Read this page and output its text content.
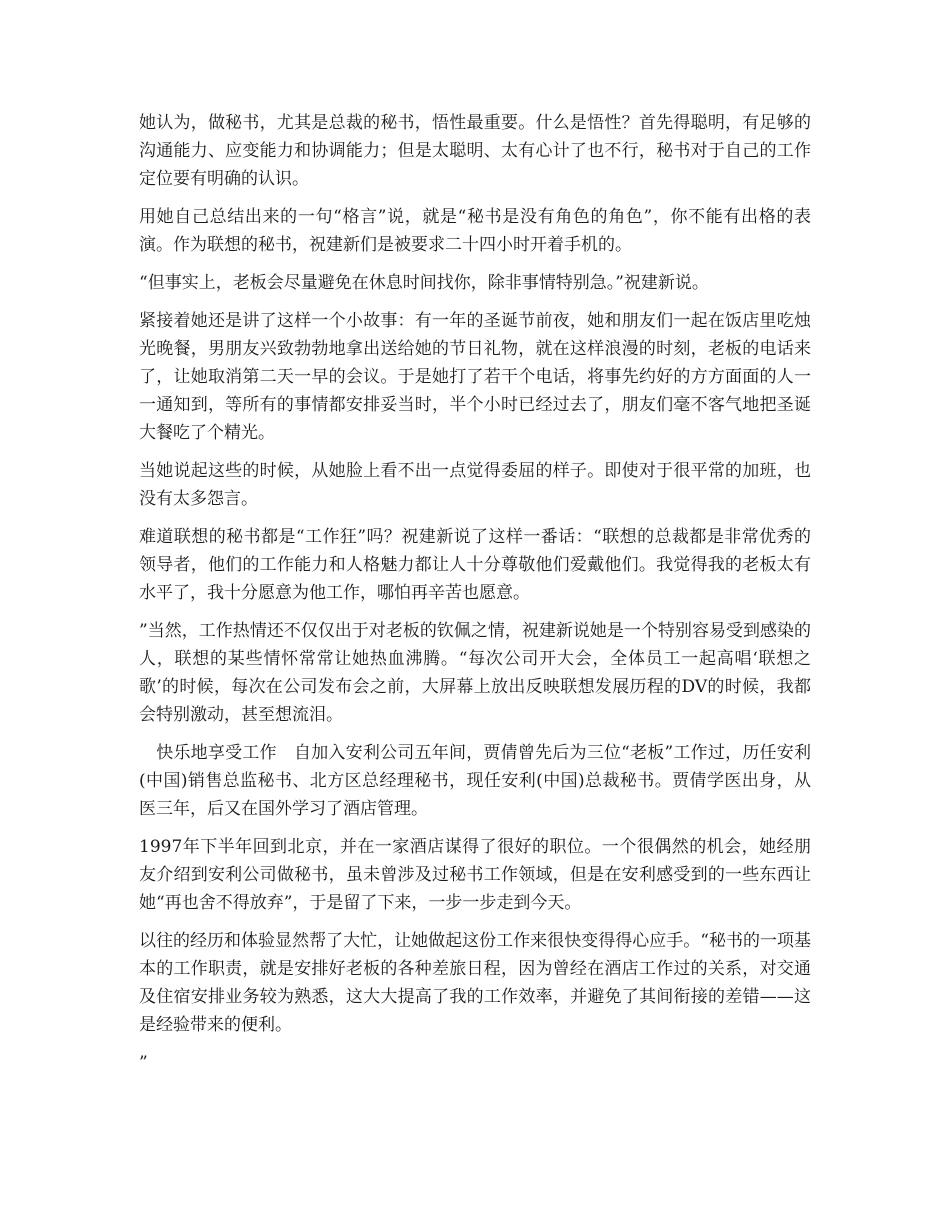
她认为，做秘书，尤其是总裁的秘书，悟性最重要。什么是悟性？首先得聪明，有足够的沟通能力、应变能力和协调能力；但是太聪明、太有心计了也不行，秘书对于自己的工作定位要有明确的认识。

用她自己总结出来的一句“格言”说，就是“秘书是没有角色的角色”，你不能有出格的表演。作为联想的秘书，祝建新们是被要求二十四小时开着手机的。

“但事实上，老板会尽量避免在休息时间找你，除非事情特别急。”祝建新说。

紧接着她还是讲了这样一个小故事：有一年的圣诞节前夜，她和朋友们一起在饭店里吃烛光晚餐，男朋友兴致勃勃地拿出送给她的节日礼物，就在这样浪漫的时刻，老板的电话来了，让她取消第二天一早的会议。于是她打了若干个电话，将事先约好的方方面面的人一一通知到，等所有的事情都安排妥当时，半个小时已经过去了，朋友们毫不客气地把圣诞大餐吃了个精光。

当她说起这些的时候，从她脸上看不出一点觉得委屈的样子。即使对于很平常的加班，也没有太多怨言。

难道联想的秘书都是“工作狂”吗？祝建新说了这样一番话：“联想的总裁都是非常优秀的领导者，他们的工作能力和人格魅力都让人十分尊敬他们爱戴他们。我觉得我的老板太有水平了，我十分愿意为他工作，哪怕再辛苦也愿意。

”当然，工作热情还不仅仅出于对老板的钦佩之情，祝建新说她是一个特别容易受到感染的人，联想的某些情怀常常让她热血沸腾。“每次公司开大会，全体员工一起高唱‘联想之歌’的时候，每次在公司发布会之前，大屏幕上放出反映联想发展历程的DV的时候，我都会特别激动，甚至想流泪。

　快乐地享受工作　自加入安利公司五年间，贾倩曾先后为三位“老板”工作过，历任安利(中国)销售总监秘书、北方区总经理秘书，现任安利(中国)总裁秘书。贾倩学医出身，从医三年，后又在国外学习了酒店管理。

1997年下半年回到北京，并在一家酒店谋得了很好的职位。一个很偶然的机会，她经朋友介绍到安利公司做秘书，虽未曾涉及过秘书工作领域，但是在安利感受到的一些东西让她“再也舍不得放弃”，于是留了下来，一步一步走到今天。

以往的经历和体验显然帮了大忙，让她做起这份工作来很快变得得心应手。“秘书的一项基本的工作职责，就是安排好老板的各种差旅日程，因为曾经在酒店工作过的关系，对交通及住宿安排业务较为熟悉，这大大提高了我的工作效率，并避免了其间衔接的差错——这是经验带来的便利。

”
